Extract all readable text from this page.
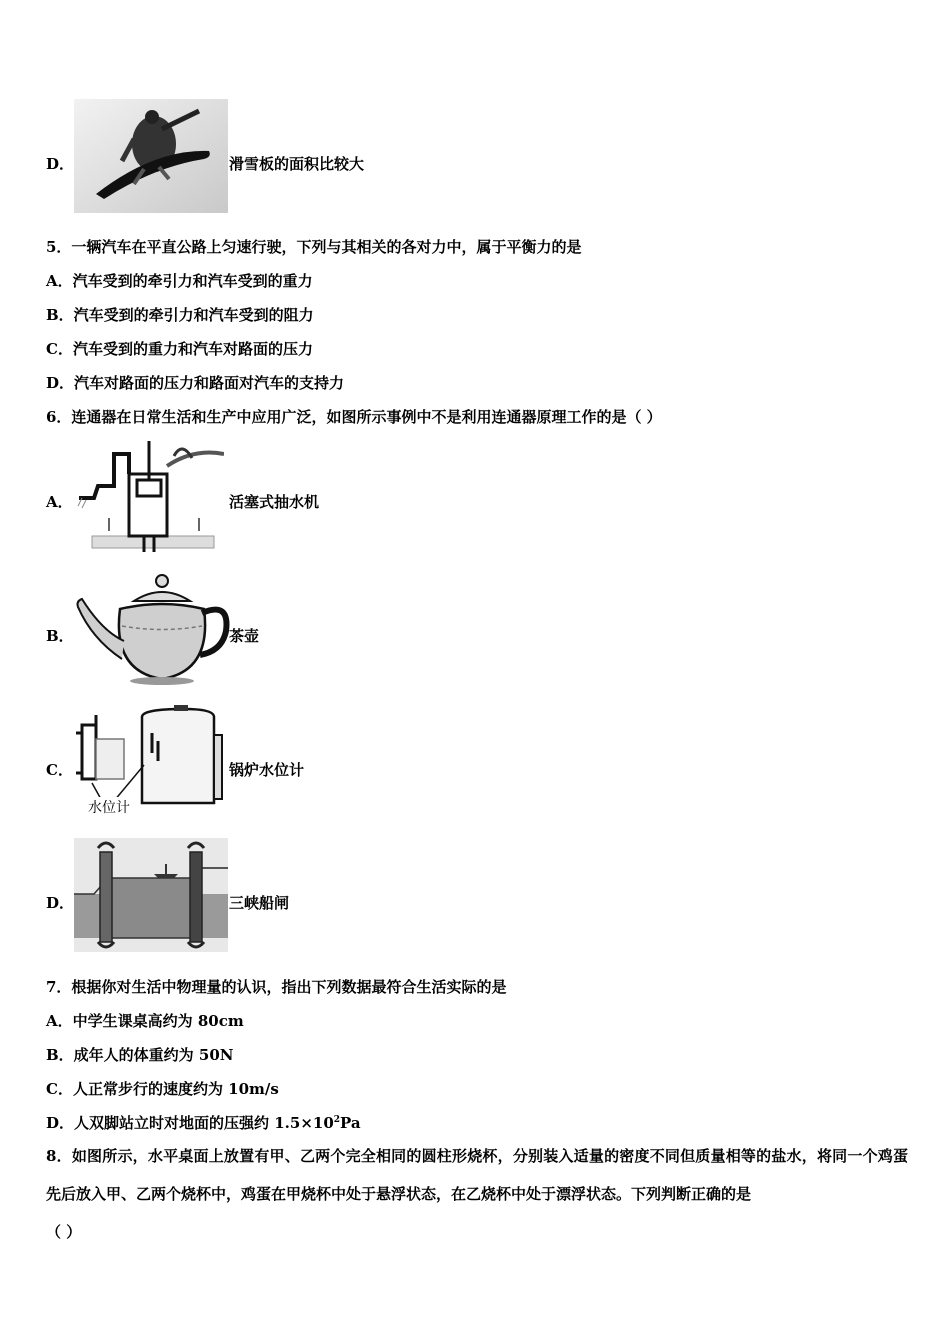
D．	滑雪板的面积比较大
5．一辆汽车在平直公路上匀速行驶，下列与其相关的各对力中，属于平衡力的是
A．汽车受到的牵引力和汽车受到的重力
B．汽车受到的牵引力和汽车受到的阻力
C．汽车受到的重力和汽车对路面的压力
D．汽车对路面的压力和路面对汽车的支持力
6．连通器在日常生活和生产中应用广泛，如图所示事例中不是利用连通器原理工作的是（ ）
A．	活塞式抽水机
B．	茶壶
C．
水位计
锅炉水位计
D．	三峡船闸
7．根据你对生活中物理量的认识，指出下列数据最符合生活实际的是
A．中学生课桌高约为 80cm
B．成年人的体重约为 50N
C．人正常步行的速度约为 10m/s
D．人双脚站立时对地面的压强约 $1.5\times 10^2Pa$
8．如图所示，水平桌面上放置有甲、乙两个完全相同的圆柱形烧杯，分别装入适量的密度不同但质量相等的盐水，将同一个鸡蛋先后放入甲、乙两个烧杯中，鸡蛋在甲烧杯中处于悬浮状态，在乙烧杯中处于漂浮状态。下列判断正确的是
（ ）
